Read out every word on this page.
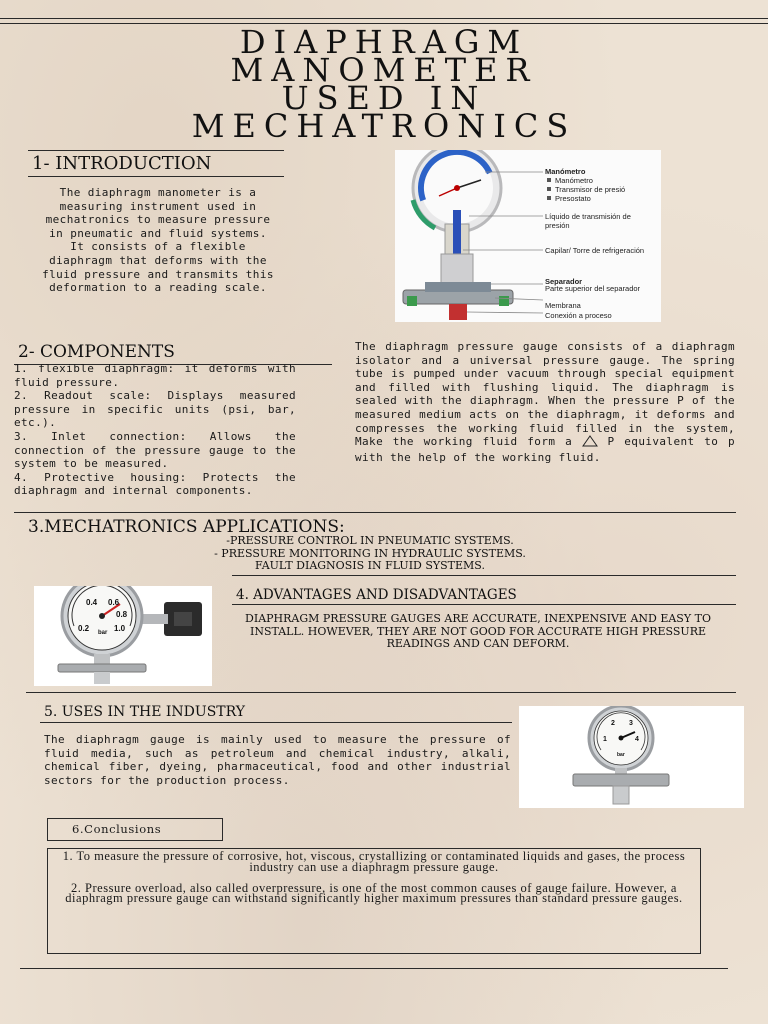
DIAPHRAGM
MANOMETER
USED IN
MECHATRONICS
1- INTRODUCTION
The diaphragm manometer is a measuring instrument used in mechatronics to measure pressure in pneumatic and fluid systems. It consists of a flexible diaphragm that deforms with the fluid pressure and transmits this deformation to a reading scale.
Manómetro
Manómetro
Transmisor de presió
Presostato
Líquido de transmisión de presión
Capilar/ Torre de refrigeración
Separador
Parte superior del separador
Membrana
Conexión a proceso
2- COMPONENTS
1. flexible diaphragm: it deforms with fluid pressure.
2. Readout scale: Displays measured pressure in specific units (psi, bar, etc.).
3. Inlet connection: Allows the connection of the pressure gauge to the system to be measured.
4. Protective housing: Protects the diaphragm and internal components.
The diaphragm pressure gauge consists of a diaphragm isolator and a universal pressure gauge. The spring tube is pumped under vacuum through special equipment and filled with flushing liquid. The diaphragm is sealed with the diaphragm. When the pressure P of the measured medium acts on the diaphragm, it deforms and compresses the working fluid filled in the system, Make the working fluid form a	P equivalent to p with the help of the working fluid.
3.MECHATRONICS APPLICATIONS:
-PRESSURE CONTROL IN PNEUMATIC SYSTEMS.
- PRESSURE MONITORING IN HYDRAULIC SYSTEMS.
FAULT DIAGNOSIS IN FLUID SYSTEMS.
0.2
0.4 0.6
0.8
1.0
bar
4. ADVANTAGES AND DISADVANTAGES
DIAPHRAGM PRESSURE GAUGES ARE ACCURATE, INEXPENSIVE AND EASY TO INSTALL. HOWEVER, THEY ARE NOT GOOD FOR ACCURATE HIGH PRESSURE READINGS AND CAN DEFORM.
5. USES IN THE INDUSTRY
The diaphragm gauge is mainly used to measure the pressure of fluid media, such as petroleum and chemical industry, alkali, chemical fiber, dyeing, pharmaceutical, food and other industrial sectors for the production process.
1
2 3
4
bar
6.Conclusions
1. To measure the pressure of corrosive, hot, viscous, crystallizing or contaminated liquids and gases, the process industry can use a diaphragm pressure gauge.
2. Pressure overload, also called overpressure, is one of the most common causes of gauge failure. However, a diaphragm pressure gauge can withstand significantly higher maximum pressures than standard pressure gauges.
